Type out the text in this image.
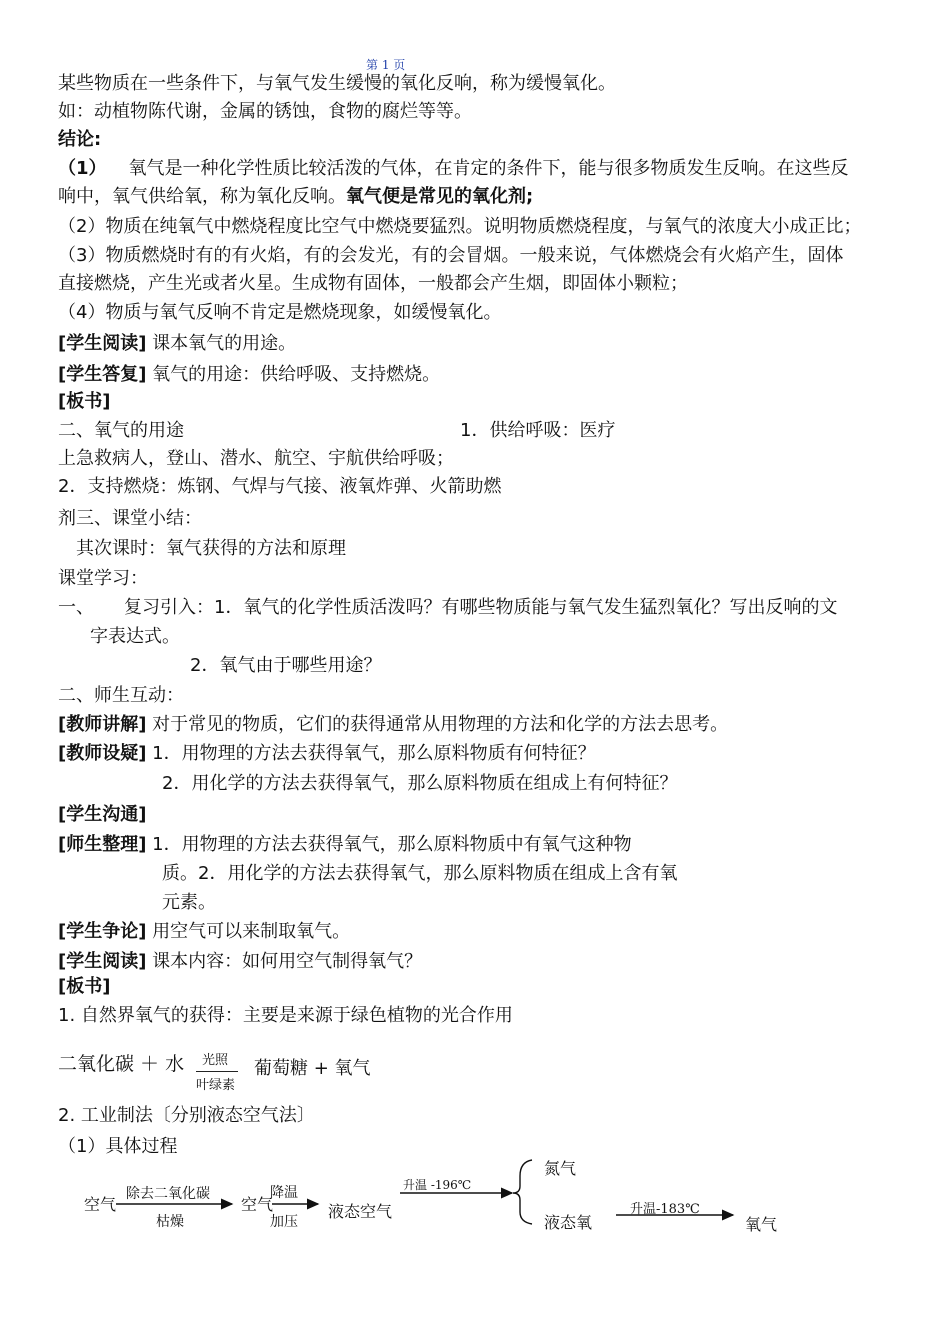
第 1 页
某些物质在一些条件下，与氧气发生缓慢的氧化反响，称为缓慢氧化。
如：动植物陈代谢，金属的锈蚀，食物的腐烂等等。
结论:
（1） 氧气是一种化学性质比较活泼的气体，在肯定的条件下，能与很多物质发生反响。在这些反
响中，氧气供给氧，称为氧化反响。氧气便是常见的氧化剂;
（2）物质在纯氧气中燃烧程度比空气中燃烧要猛烈。说明物质燃烧程度，与氧气的浓度大小成正比；
（3）物质燃烧时有的有火焰，有的会发光，有的会冒烟。一般来说，气体燃烧会有火焰产生，固体
直接燃烧，产生光或者火星。生成物有固体，一般都会产生烟，即固体小颗粒；
（4）物质与氧气反响不肯定是燃烧现象，如缓慢氧化。
[学生阅读] 课本氧气的用途。
[学生答复] 氧气的用途：供给呼吸、支持燃烧。
[板书]
二、氧气的用途	1．供给呼吸：医疗
上急救病人，登山、潜水、航空、宇航供给呼吸；
2．支持燃烧：炼钢、气焊与气接、液氧炸弹、火箭助燃
剂三、课堂小结：
其次课时：氧气获得的方法和原理
课堂学习：
一、 复习引入：1．氧气的化学性质活泼吗？有哪些物质能与氧气发生猛烈氧化？写出反响的文
字表达式。
2．氧气由于哪些用途？
二、师生互动：
[教师讲解] 对于常见的物质，它们的获得通常从用物理的方法和化学的方法去思考。
[教师设疑] 1．用物理的方法去获得氧气，那么原料物质有何特征？
2．用化学的方法去获得氧气，那么原料物质在组成上有何特征？
[学生沟通]
[师生整理] 1．用物理的方法去获得氧气，那么原料物质中有氧气这种物
质。2．用化学的方法去获得氧气，那么原料物质在组成上含有氧
元素。
[学生争论] 用空气可以来制取氧气。
[学生阅读] 课本内容：如何用空气制得氧气？
[板书]
1. 自然界氧气的获得：主要是来源于绿色植物的光合作用
二氧化碳 ＋ 水 光照
叶绿素
葡萄糖 + 氧气
2. 工业制法〔分别液态空气法〕
（1）具体过程
空气
除去二氧化碳
枯燥
空气
降温
加压
液态空气
升温 -196℃
氮气
液态氧
升温-183℃
氧气
